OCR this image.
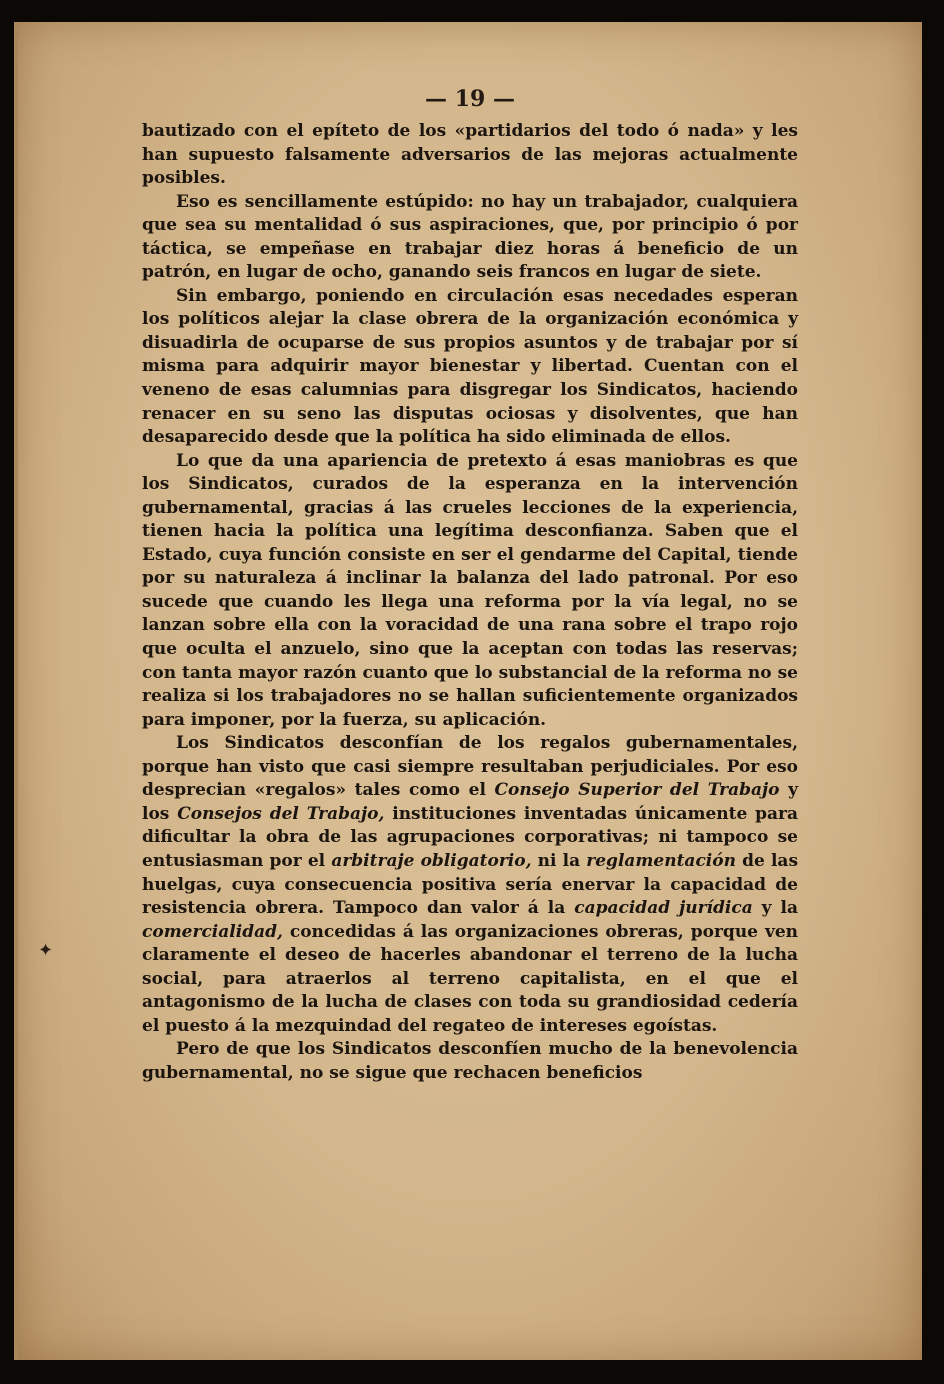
— 19 —

bautizado con el epíteto de los «partidarios del todo ó nada» y les han supuesto falsamente adversarios de las mejoras actualmente posibles.

Eso es sencillamente estúpido: no hay un trabajador, cualquiera que sea su mentalidad ó sus aspiraciones, que, por principio ó por táctica, se empeñase en trabajar diez horas á beneficio de un patrón, en lugar de ocho, ganando seis francos en lugar de siete.

Sin embargo, poniendo en circulación esas necedades esperan los políticos alejar la clase obrera de la organización económica y disuadirla de ocuparse de sus propios asuntos y de trabajar por sí misma para adquirir mayor bienestar y libertad. Cuentan con el veneno de esas calumnias para disgregar los Sindicatos, haciendo renacer en su seno las disputas ociosas y disolventes, que han desaparecido desde que la política ha sido eliminada de ellos.

Lo que da una apariencia de pretexto á esas maniobras es que los Sindicatos, curados de la esperanza en la intervención gubernamental, gracias á las crueles lecciones de la experiencia, tienen hacia la política una legítima desconfianza. Saben que el Estado, cuya función consiste en ser el gendarme del Capital, tiende por su naturaleza á inclinar la balanza del lado patronal. Por eso sucede que cuando les llega una reforma por la vía legal, no se lanzan sobre ella con la voracidad de una rana sobre el trapo rojo que oculta el anzuelo, sino que la aceptan con todas las reservas; con tanta mayor razón cuanto que lo substancial de la reforma no se realiza si los trabajadores no se hallan suficientemente organizados para imponer, por la fuerza, su aplicación.

Los Sindicatos desconfían de los regalos gubernamentales, porque han visto que casi siempre resultaban perjudiciales. Por eso desprecian «regalos» tales como el Consejo Superior del Trabajo y los Consejos del Trabajo, instituciones inventadas únicamente para dificultar la obra de las agrupaciones corporativas; ni tampoco se entusiasman por el arbitraje obligatorio, ni la reglamentación de las huelgas, cuya consecuencia positiva sería enervar la capacidad de resistencia obrera. Tampoco dan valor á la capacidad jurídica y la comercialidad, concedidas á las organizaciones obreras, porque ven claramente el deseo de hacerles abandonar el terreno de la lucha social, para atraerlos al terreno capitalista, en el que el antagonismo de la lucha de clases con toda su grandiosidad cedería el puesto á la mezquindad del regateo de intereses egoístas.

Pero de que los Sindicatos desconfíen mucho de la benevolencia gubernamental, no se sigue que rechacen beneficios

✦
